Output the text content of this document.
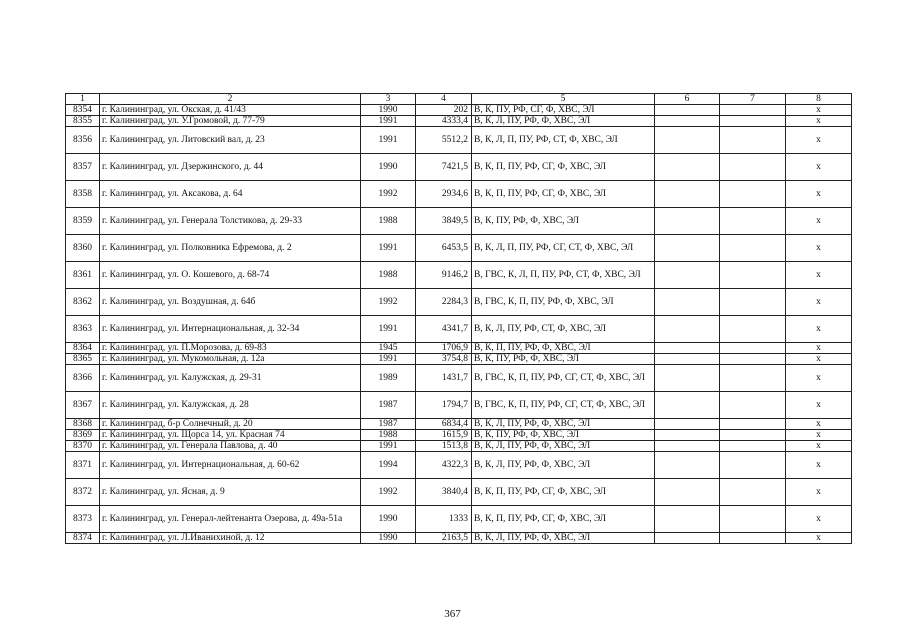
1	2	3	4	5	6	7	8
8354	г. Калининград, ул. Окская, д. 41/43	1990	202	В, К, ПУ, РФ, СГ, Ф, ХВС, ЭЛ			х
8355	г. Калининград, ул. У.Громовой, д. 77-79	1991	4333,4	В, К, Л, ПУ, РФ, Ф, ХВС, ЭЛ			х
8356	г. Калининград, ул. Литовский вал, д. 23	1991	5512,2	В, К, Л, П, ПУ, РФ, СТ, Ф, ХВС, ЭЛ			х
8357	г. Калининград, ул. Дзержинского, д. 44	1990	7421,5	В, К, П, ПУ, РФ, СГ, Ф, ХВС, ЭЛ			х
8358	г. Калининград, ул. Аксакова, д. 64	1992	2934,6	В, К, П, ПУ, РФ, СГ, Ф, ХВС, ЭЛ			х
8359	г. Калининград, ул. Генерала Толстикова, д. 29-33	1988	3849,5	В, К, ПУ, РФ, Ф, ХВС, ЭЛ			х
8360	г. Калининград, ул. Полковника Ефремова, д. 2	1991	6453,5	В, К, Л, П, ПУ, РФ, СГ, СТ, Ф, ХВС, ЭЛ			х
8361	г. Калининград, ул. О. Кошевого, д. 68-74	1988	9146,2	В, ГВС, К, Л, П, ПУ, РФ, СТ, Ф, ХВС, ЭЛ			х
8362	г. Калининград, ул. Воздушная, д. 64б	1992	2284,3	В, ГВС, К, П, ПУ, РФ, Ф, ХВС, ЭЛ			х
8363	г. Калининград, ул. Интернациональная, д. 32-34	1991	4341,7	В, К, Л, ПУ, РФ, СТ, Ф, ХВС, ЭЛ			х
8364	г. Калининград, ул. П.Морозова, д. 69-83	1945	1706,9	В, К, П, ПУ, РФ, Ф, ХВС, ЭЛ			х
8365	г. Калининград, ул. Мукомольная, д. 12а	1991	3754,8	В, К, ПУ, РФ, Ф, ХВС, ЭЛ			х
8366	г. Калининград, ул. Калужская, д. 29-31	1989	1431,7	В, ГВС, К, П, ПУ, РФ, СГ, СТ, Ф, ХВС, ЭЛ			х
8367	г. Калининград, ул. Калужская, д. 28	1987	1794,7	В, ГВС, К, П, ПУ, РФ, СГ, СТ, Ф, ХВС, ЭЛ			х
8368	г. Калининград, б-р Солнечный, д. 20	1987	6834,4	В, К, Л, ПУ, РФ, Ф, ХВС, ЭЛ			х
8369	г. Калининград, ул. Щорса 14, ул. Красная 74	1988	1615,9	В, К, ПУ, РФ, Ф, ХВС, ЭЛ			х
8370	г. Калининград, ул. Генерала Павлова, д. 40	1991	1513,8	В, К, Л, ПУ, РФ, Ф, ХВС, ЭЛ			х
8371	г. Калининград, ул. Интернациональная, д. 60-62	1994	4322,3	В, К, Л, ПУ, РФ, Ф, ХВС, ЭЛ			х
8372	г. Калининград, ул. Ясная, д. 9	1992	3840,4	В, К, П, ПУ, РФ, СГ, Ф, ХВС, ЭЛ			х
8373	г. Калининград, ул. Генерал-лейтенанта Озерова, д. 49а-51а	1990	1333	В, К, П, ПУ, РФ, СГ, Ф, ХВС, ЭЛ			х
8374	г. Калининград, ул. Л.Иванихиной, д. 12	1990	2163,5	В, К, Л, ПУ, РФ, Ф, ХВС, ЭЛ			х
367
